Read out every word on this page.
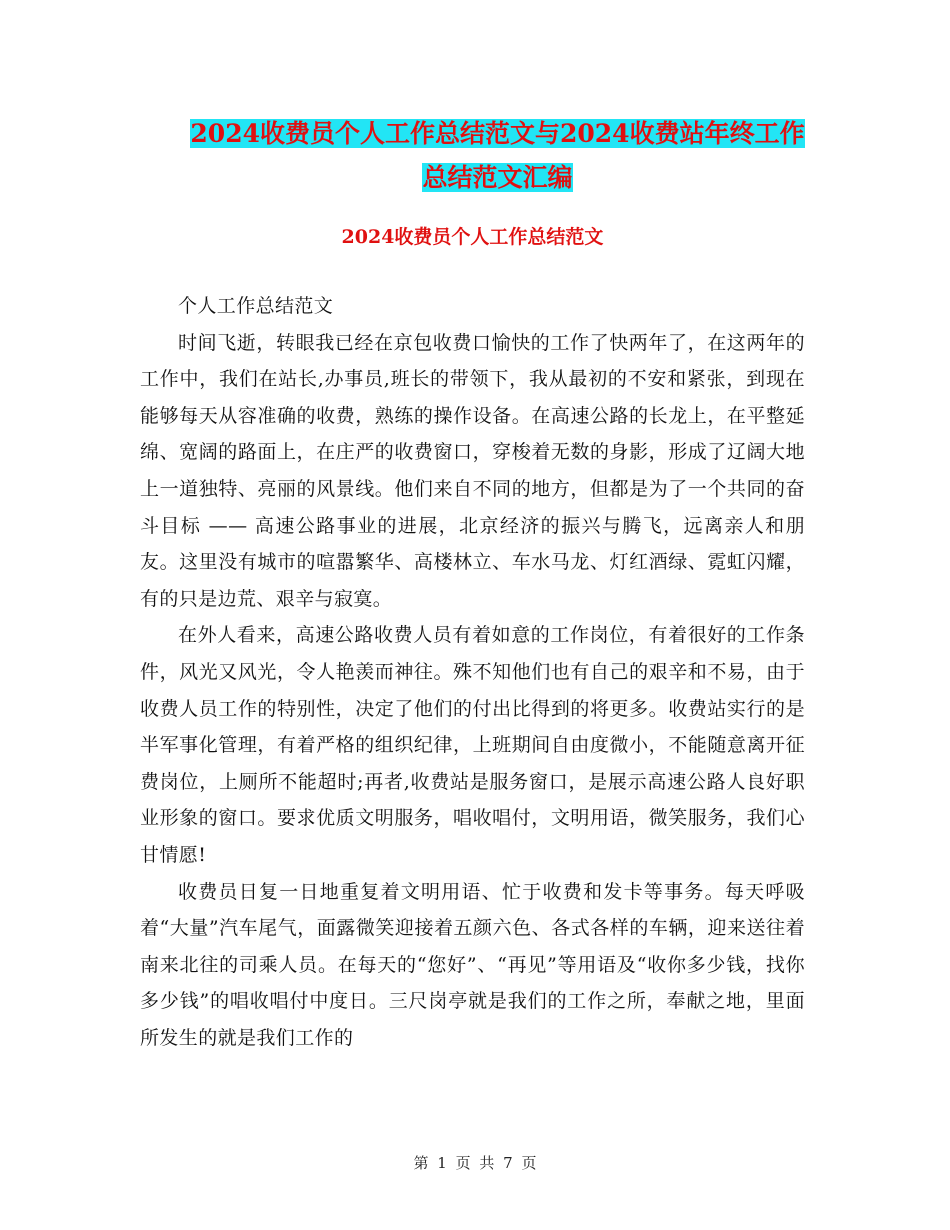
2024收费员个人工作总结范文与2024收费站年终工作
总结范文汇编
2024收费员个人工作总结范文

个人工作总结范文

时间飞逝，转眼我已经在京包收费口愉快的工作了快两年了，在这两年的工作中，我们在站长,办事员,班长的带领下，我从最初的不安和紧张，到现在能够每天从容准确的收费，熟练的操作设备。在高速公路的长龙上，在平整延绵、宽阔的路面上，在庄严的收费窗口，穿梭着无数的身影，形成了辽阔大地上一道独特、亮丽的风景线。他们来自不同的地方，但都是为了一个共同的奋斗目标 —— 高速公路事业的进展，北京经济的振兴与腾飞，远离亲人和朋友。这里没有城市的喧嚣繁华、高楼林立、车水马龙、灯红酒绿、霓虹闪耀，有的只是边荒、艰辛与寂寞。

在外人看来，高速公路收费人员有着如意的工作岗位，有着很好的工作条件，风光又风光，令人艳羡而神往。殊不知他们也有自己的艰辛和不易，由于收费人员工作的特别性，决定了他们的付出比得到的将更多。收费站实行的是半军事化管理，有着严格的组织纪律，上班期间自由度微小，不能随意离开征费岗位，上厕所不能超时;再者,收费站是服务窗口，是展示高速公路人良好职业形象的窗口。要求优质文明服务，唱收唱付，文明用语，微笑服务，我们心甘情愿!

收费员日复一日地重复着文明用语、忙于收费和发卡等事务。每天呼吸着“大量”汽车尾气，面露微笑迎接着五颜六色、各式各样的车辆，迎来送往着南来北往的司乘人员。在每天的“您好”、“再见”等用语及“收你多少钱，找你多少钱”的唱收唱付中度日。三尺岗亭就是我们的工作之所，奉献之地，里面所发生的就是我们工作的

第 1 页 共 7 页
